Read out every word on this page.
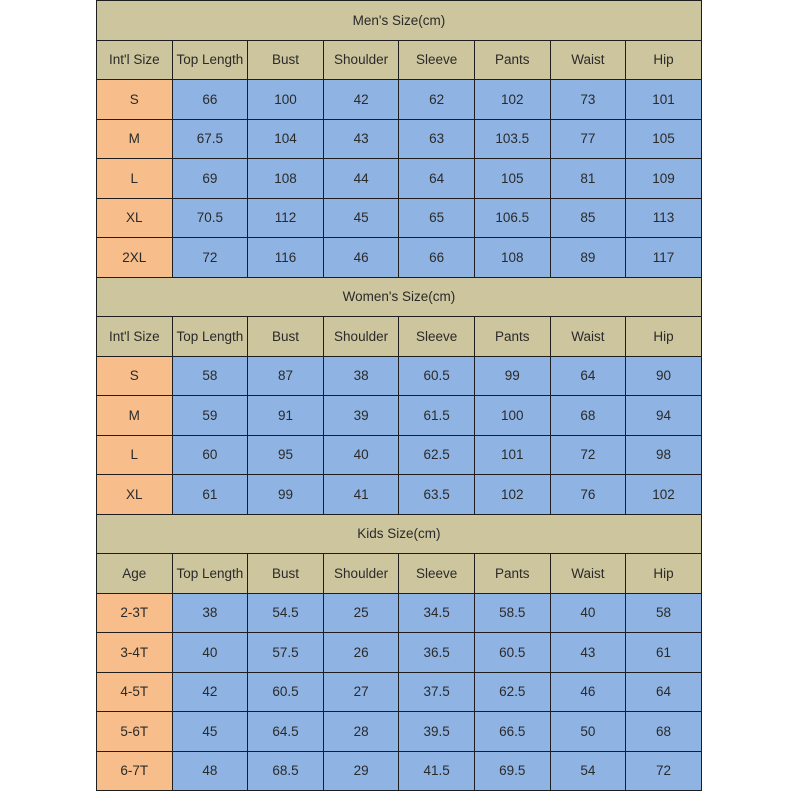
Men's Size(cm)							
Int'l Size	Top Length	Bust	Shoulder	Sleeve	Pants	Waist	Hip
S	66	100	42	62	102	73	101
M	67.5	104	43	63	103.5	77	105
L	69	108	44	64	105	81	109
XL	70.5	112	45	65	106.5	85	113
2XL	72	116	46	66	108	89	117
Women's Size(cm)							
Int'l Size	Top Length	Bust	Shoulder	Sleeve	Pants	Waist	Hip
S	58	87	38	60.5	99	64	90
M	59	91	39	61.5	100	68	94
L	60	95	40	62.5	101	72	98
XL	61	99	41	63.5	102	76	102
Kids Size(cm)							
Age	Top Length	Bust	Shoulder	Sleeve	Pants	Waist	Hip
2-3T	38	54.5	25	34.5	58.5	40	58
3-4T	40	57.5	26	36.5	60.5	43	61
4-5T	42	60.5	27	37.5	62.5	46	64
5-6T	45	64.5	28	39.5	66.5	50	68
6-7T	48	68.5	29	41.5	69.5	54	72
